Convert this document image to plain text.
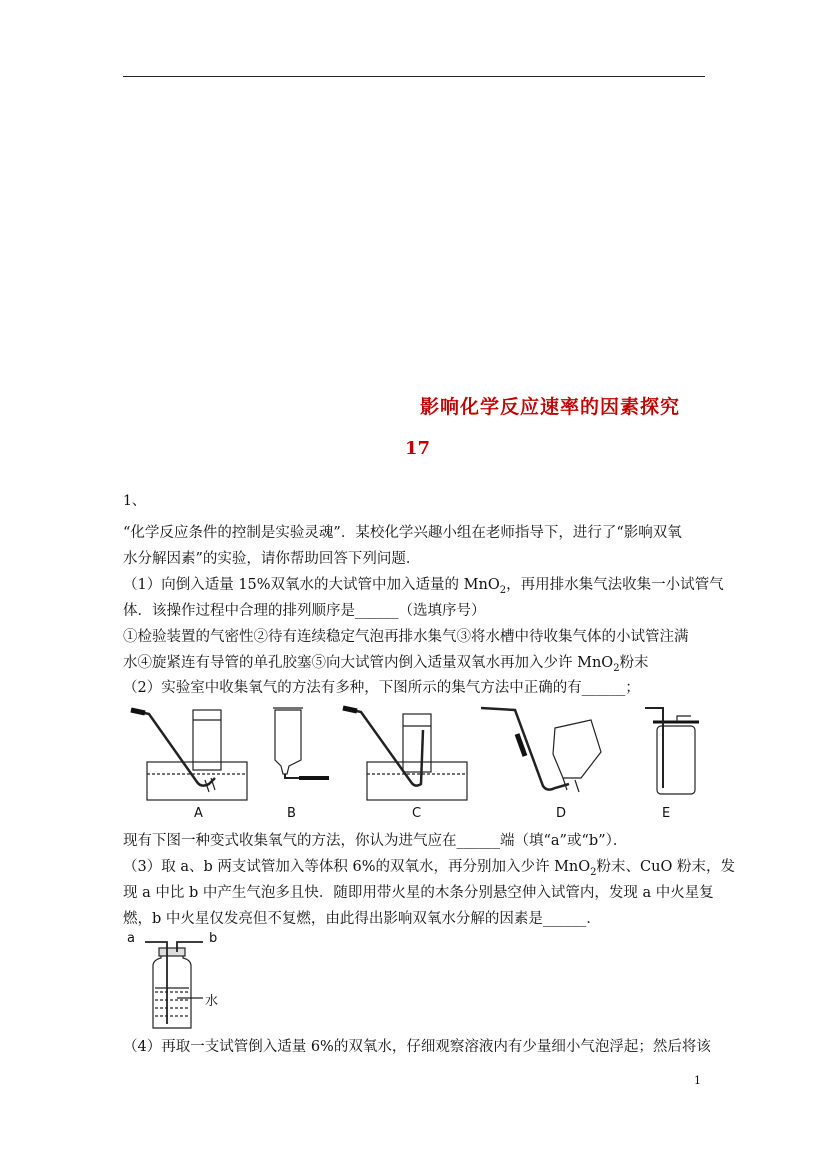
影响化学反应速率的因素探究
17
1、
“化学反应条件的控制是实验灵魂”．某校化学兴趣小组在老师指导下，进行了“影响双氧
水分解因素”的实验，请你帮助回答下列问题．
（1）向倒入适量 15%双氧水的大试管中加入适量的 MnO$_2$，再用排水集气法收集一小试管气
体．该操作过程中合理的排列顺序是______（选填序号）
①检验装置的气密性②待有连续稳定气泡再排水集气③将水槽中待收集气体的小试管注满
水④旋紧连有导管的单孔胶塞⑤向大试管内倒入适量双氧水再加入少许 MnO$_2$粉末
（2）实验室中收集氧气的方法有多种，下图所示的集气方法中正确的有______；
A	B	C	D	E
现有下图一种变式收集氧气的方法，你认为进气应在______端（填“a”或“b”）．
（3）取 a、b 两支试管加入等体积 6%的双氧水，再分别加入少许 MnO$_2$粉末、CuO 粉末，发
现 a 中比 b 中产生气泡多且快．随即用带火星的木条分别悬空伸入试管内，发现 a 中火星复
燃，b 中火星仅发亮但不复燃，由此得出影响双氧水分解的因素是______．
a	b
水
（4）再取一支试管倒入适量 6%的双氧水，仔细观察溶液内有少量细小气泡浮起；然后将该
1
